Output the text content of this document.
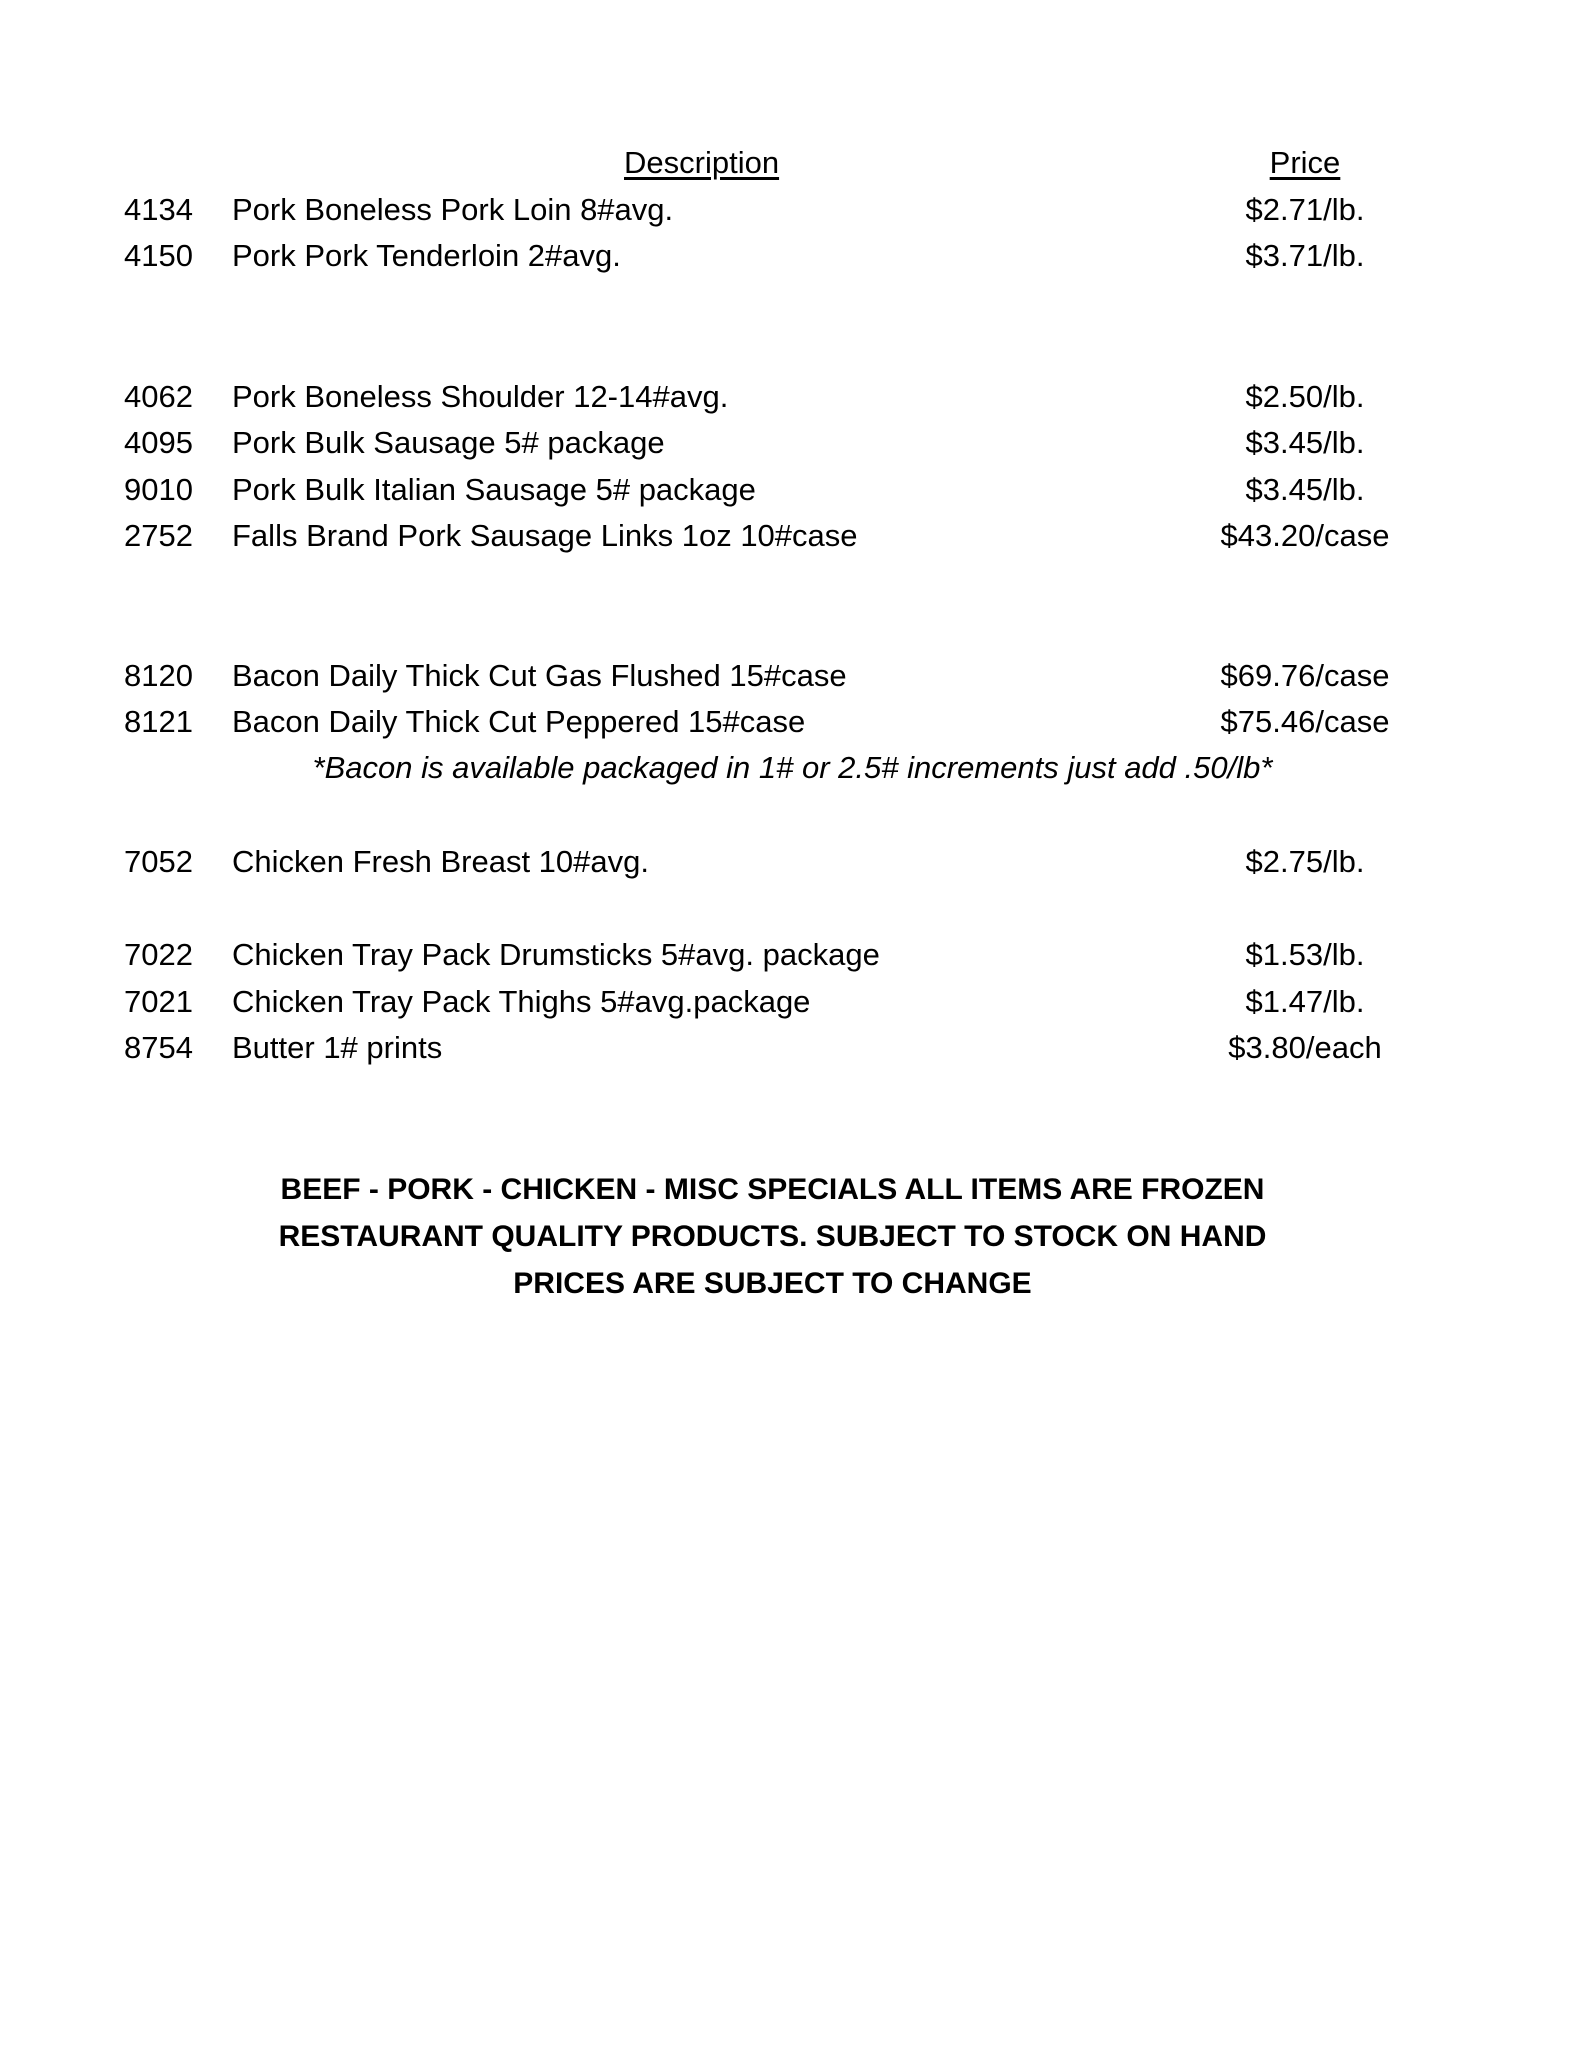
Description	Price
4134 Pork Boneless Pork Loin 8#avg.	$2.71/lb.
4150 Pork Pork Tenderloin 2#avg.	$3.71/lb.
4062 Pork Boneless Shoulder 12-14#avg.	$2.50/lb.
4095 Pork Bulk Sausage 5# package	$3.45/lb.
9010 Pork Bulk Italian Sausage 5# package	$3.45/lb.
2752 Falls Brand Pork Sausage Links 1oz 10#case	$43.20/case
8120 Bacon Daily Thick Cut Gas Flushed 15#case	$69.76/case
8121 Bacon Daily Thick Cut Peppered 15#case	$75.46/case
*Bacon is available packaged in 1# or 2.5# increments just add .50/lb*
7052 Chicken Fresh Breast 10#avg.	$2.75/lb.
7022 Chicken Tray Pack Drumsticks 5#avg. package	$1.53/lb.
7021 Chicken Tray Pack Thighs 5#avg.package	$1.47/lb.
8754 Butter 1# prints	$3.80/each
BEEF - PORK - CHICKEN - MISC SPECIALS ALL ITEMS ARE FROZEN
RESTAURANT QUALITY PRODUCTS. SUBJECT TO STOCK ON HAND
PRICES ARE SUBJECT TO CHANGE
